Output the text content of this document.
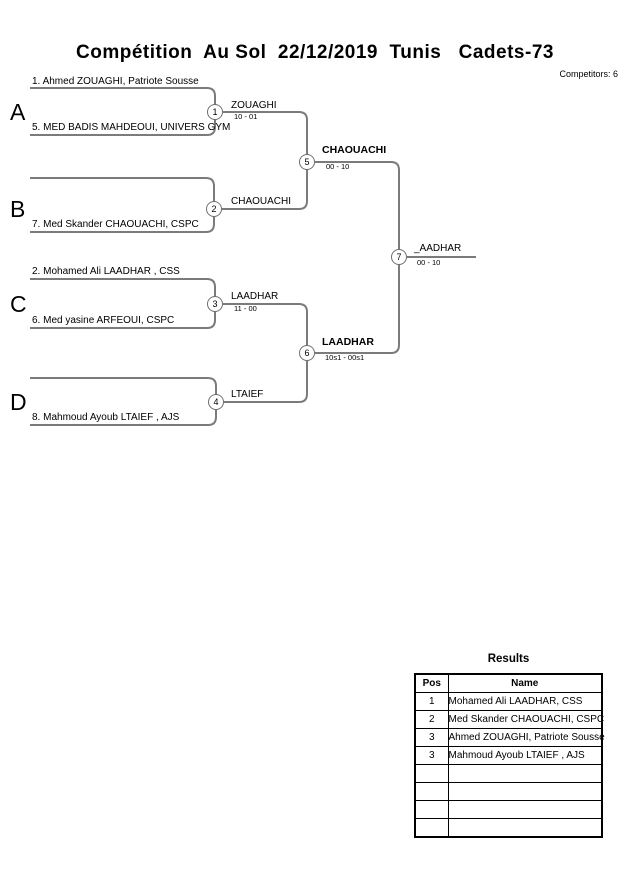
Compétition  Au Sol  22/12/2019  Tunis   Cadets-73
Competitors: 6
A
B
C
D
1. Ahmed ZOUAGHI, Patriote Sousse
5. MED BADIS MAHDEOUI, UNIVERS GYM
7. Med Skander CHAOUACHI, CSPC
2. Mohamed Ali LAADHAR , CSS
6. Med yasine ARFEOUI, CSPC
8. Mahmoud Ayoub LTAIEF , AJS
1
2
3
4
5
6
7
ZOUAGHI
CHAOUACHI
LAADHAR
LTAIEF
CHAOUACHI
LAADHAR
_AADHAR
10 - 01
11 - 00
00 - 10
10s1 - 00s1
00 - 10
Results
Pos	Name
1	Mohamed Ali LAADHAR, CSS
2	Med Skander CHAOUACHI, CSPC
3	Ahmed ZOUAGHI, Patriote Sousse
3	Mahmoud Ayoub LTAIEF , AJS
